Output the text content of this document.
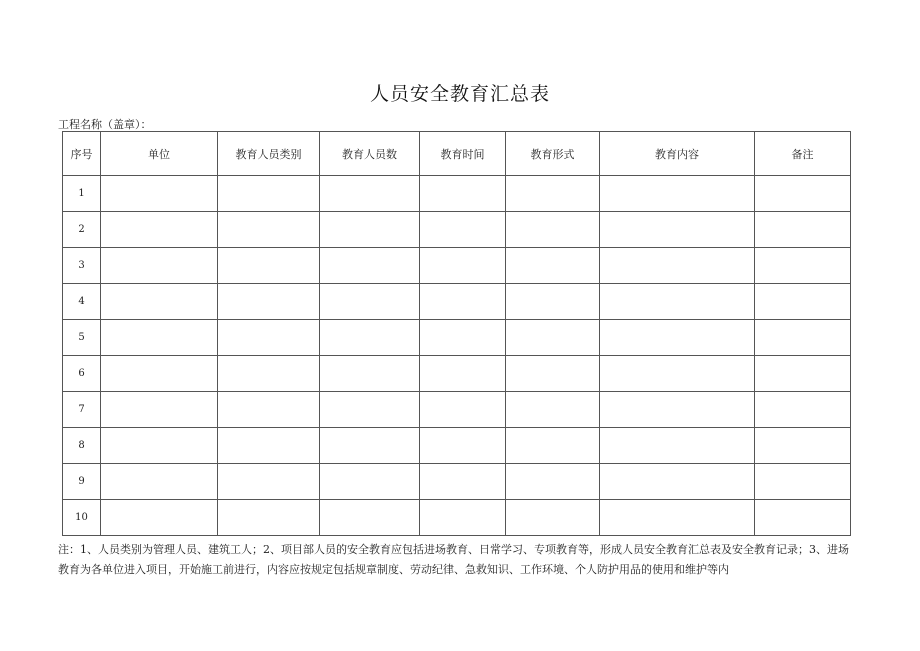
人员安全教育汇总表
工程名称（盖章）：
序号	单位	教育人员类别	教育人员数	教育时间	教育形式	教育内容	备注
1							
2							
3							
4							
5							
6							
7							
8							
9							
10							
注：1、人员类别为管理人员、建筑工人；2、项目部人员的安全教育应包括进场教育、日常学习、专项教育等，形成人员安全教育汇总表及安全教育记录；3、进场教育为各单位进入项目，开始施工前进行，内容应按规定包括规章制度、劳动纪律、急救知识、工作环境、个人防护用品的使用和维护等内
